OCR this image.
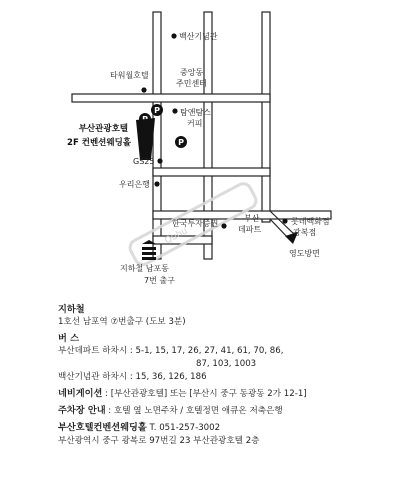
Quhu
백산기념관
중앙동
주민센터
타워월호텔
P
P
탐앤탐스
커피
부산관광호텔
2F 컨벤션웨딩홀
GS25
우리은행
한국투자증권
부산
데파트
롯데백화점
광복점
지하철 남포동
7번 출구
영도방면
지하철
1호선 남포역 ⑦번출구 (도보 3분)
버 스
부산데파트 하차시 : 5-1, 15, 17, 26, 27, 41, 61, 70, 86,
87, 103, 1003
백산기념관 하차시 : 15, 36, 126, 186
네비게이션 : [부산관광호텔] 또는 [부산시 중구 동광동 2가 12-1]
주차장 안내 : 호텔 옆 노면주차 / 호텔정면 애큐온 저축은행
부산호텔컨벤션웨딩홀 T. 051-257-3002
부산광역시 중구 광복로 97번길 23 부산관광호텔 2층
